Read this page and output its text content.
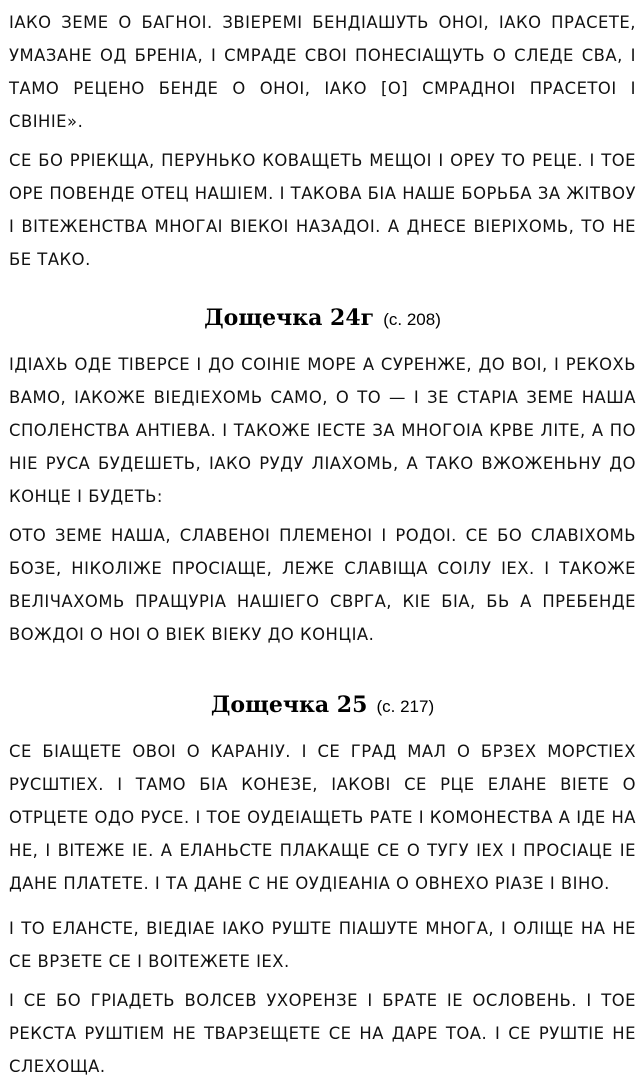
ІАКО ЗЕМЕ О БАГНОІ. ЗВІЕРЕМІ БЕНДІАШУТЬ ОНОІ, ІАКО ПРАСЕТЕ, УМАЗАНЕ ОД БРЕНІА, І СМРАДЕ СВОІ ПОНЕСІАЩУТЬ О СЛЕДЕ СВА, І ТАМО РЕЦЕНО БЕНДЕ О ОНОІ, ІАКО [О] СМРАДНОІ ПРАСЕТОІ І СВІНІЕ».

СЕ БО РРІЕКЩА, ПЕРУНЬКО КОВАЩЕТЬ МЕЩОІ І ОРЕУ ТО РЕЦЕ. І ТОЕ ОРЕ ПОВЕНДЕ ОТЕЦ НАШІЕМ. І ТАКОВА БІА НАШЕ БОРЬБА ЗА ЖІТВОУ І ВІТЕЖЕНСТВА МНОГАІ ВІЕКОІ НАЗАДОІ. А ДНЕСЕ ВІЕРІХОМЬ, ТО НЕ БЕ ТАКО.

Дощечка 24г (с. 208)

ІДІАХЬ ОДЕ ТІВЕРСЕ І ДО СОІНІЕ МОРЕ А СУРЕНЖЕ, ДО ВОІ, І РЕКОХЬ ВАМО, ІАКОЖЕ ВІЕДІЕХОМЬ САМО, О ТО — І ЗЕ СТАРІА ЗЕМЕ НАША СПОЛЕНСТВА АНТІЕВА. І ТАКОЖЕ ІЕСТЕ ЗА МНОГОІА КРВЕ ЛІТЕ, А ПО НІЕ РУСА БУДЕШЕТЬ, ІАКО РУДУ ЛІАХОМЬ, А ТАКО ВЖОЖЕНЬНУ ДО КОНЦЕ І БУДЕТЬ:

ОТО ЗЕМЕ НАША, СЛАВЕНОІ ПЛЕМЕНОІ І РОДОІ. СЕ БО СЛАВІХОМЬ БОЗЕ, НІКОЛІЖЕ ПРОСІАЩЕ, ЛЕЖЕ СЛАВІЩА СОІЛУ ІЕХ. І ТАКОЖЕ ВЕЛІЧАХОМЬ ПРАЩУРІА НАШІЕГО СВРГА, КІЕ БІА, БЬ А ПРЕБЕНДЕ ВОЖДОІ О НОІ О ВІЕК ВІЕКУ ДО КОНЦІА.

Дощечка 25 (с. 217)

СЕ БІАЩЕТЕ ОВОІ О КАРАНІУ. І СЕ ГРАД МАЛ О БРЗЕХ МОРСТІЕХ РУСШТІЕХ. І ТАМО БІА КОНЕЗЕ, ІАКОВІ СЕ РЦЕ ЕЛАНЕ ВІЕТЕ О ОТРЦЕТЕ ОДО РУСЕ. І ТОЕ ОУДЕІАЩЕТЬ РАТЕ І КОМОНЕСТВА А ІДЕ НА НЕ, І ВІТЕЖЕ ІЕ. А ЕЛАНЬСТЕ ПЛАКАЩЕ СЕ О ТУГУ ІЕХ І ПРОСІАЦЕ ІЕ ДАНЕ ПЛАТЕТЕ. І ТА ДАНЕ С НЕ ОУДІЕАНІА О ОВНЕХО РІАЗЕ І ВІНО.

І ТО ЕЛАНСТЕ, ВІЕДІАЕ ІАКО РУШТЕ ПІАШУТЕ МНОГА, І ОЛІЩЕ НА НЕ СЕ ВРЗЕТЕ СЕ І ВОІТЕЖЕТЕ ІЕХ.

І СЕ БО ГРІАДЕТЬ ВОЛСЕВ УХОРЕНЗЕ І БРАТЕ ІЕ ОСЛОВЕНЬ. І ТОЕ РЕКСТА РУШТІЕМ НЕ ТВАРЗЕЩЕТЕ СЕ НА ДАРЕ ТОА. І СЕ РУШТІЕ НЕ СЛЕХОЩА.
